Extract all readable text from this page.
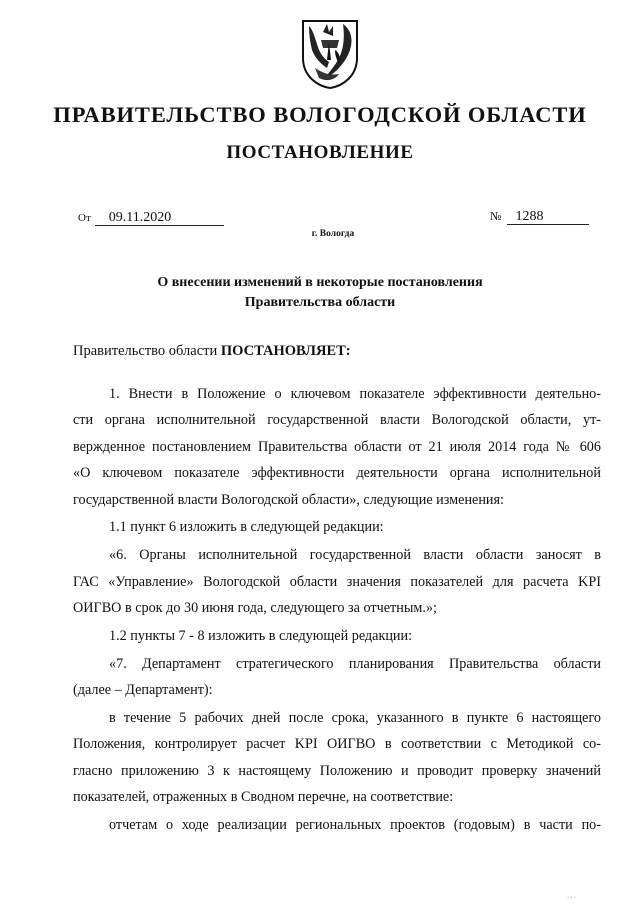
ПРАВИТЕЛЬСТВО ВОЛОГОДСКОЙ ОБЛАСТИ
ПОСТАНОВЛЕНИЕ
От 09.11.2020	№ 1288
г. Вологда
О внесении изменений в некоторые постановления
Правительства области
Правительство области ПОСТАНОВЛЯЕТ:

1. Внести в Положение о ключевом показателе эффективности деятельно-
сти органа исполнительной государственной власти Вологодской области, ут-
вержденное постановлением Правительства области от 21 июля 2014 года № 606
«О ключевом показателе эффективности деятельности органа исполнительной
государственной власти Вологодской области», следующие изменения:

1.1 пункт 6 изложить в следующей редакции:

«6. Органы исполнительной государственной власти области заносят в
ГАС «Управление» Вологодской области значения показателей для расчета KPI
ОИГВО в срок до 30 июня года, следующего за отчетным.»;

1.2 пункты 7 - 8 изложить в следующей редакции:

«7. Департамент стратегического планирования Правительства области
(далее – Департамент):

в течение 5 рабочих дней после срока, указанного в пункте 6 настоящего
Положения, контролирует расчет KPI ОИГВО в соответствии с Методикой со-
гласно приложению 3 к настоящему Положению и проводит проверку значений
показателей, отраженных в Сводном перечне, на соответствие:

отчетам о ходе реализации региональных проектов (годовым) в части по-

· · ·
